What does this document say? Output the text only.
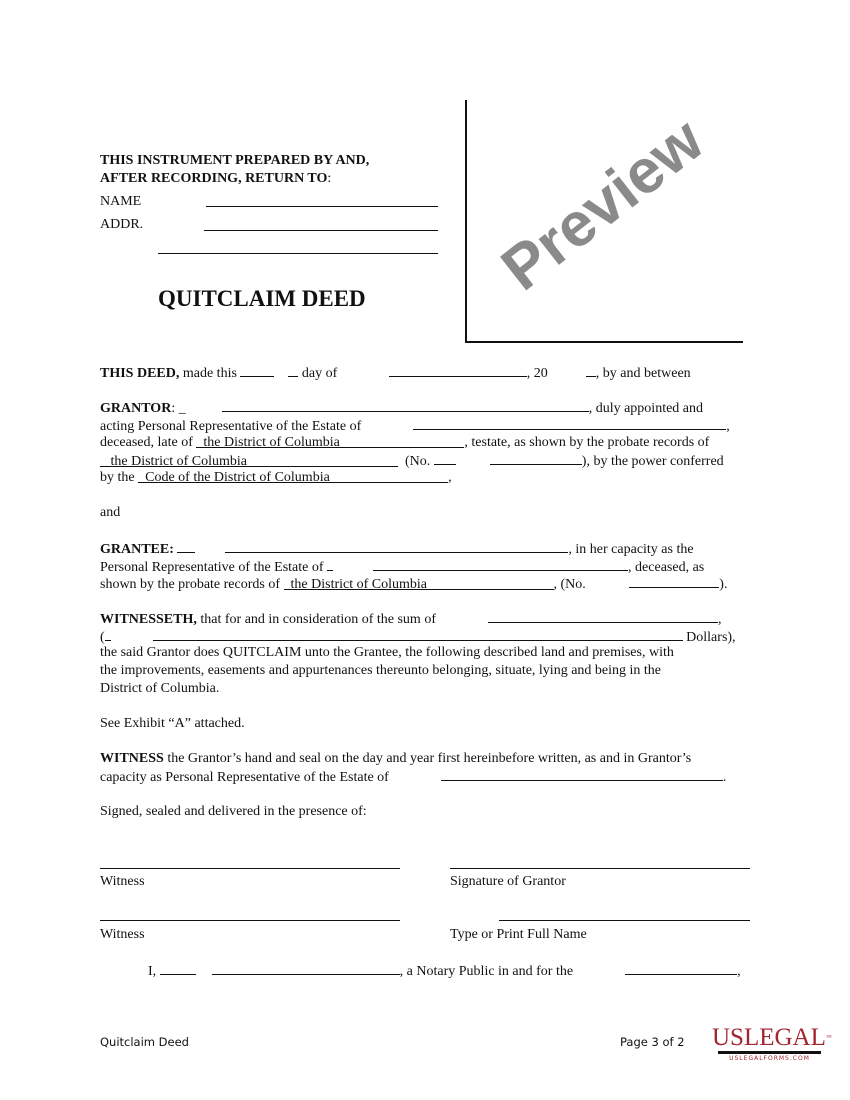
THIS INSTRUMENT PREPARED BY AND,
AFTER RECORDING, RETURN TO:
NAME
ADDR.
QUITCLAIM DEED
THIS DEED, made this	day of	, 20	, by and between
GRANTOR: _	, duly appointed and
acting Personal Representative of the Estate of	,
deceased, late of   the District of Columbia	, testate, as shown by the probate records of
the District of Columbia	(No.	), by the power conferred
by the   Code of the District of Columbia	,
and
GRANTEE:	, in her capacity as the
Personal Representative of the Estate of	, deceased, as
shown by the probate records of   the District of Columbia	, (No.	).
WITNESSETH, that for and in consideration of the sum of	,
(	Dollars),
the said Grantor does QUITCLAIM unto the Grantee, the following described land and premises, with
the improvements, easements and appurtenances thereunto belonging, situate, lying and being in the
District of Columbia.
See Exhibit “A” attached.
WITNESS the Grantor’s hand and seal on the day and year first hereinbefore written, as and in Grantor’s
capacity as Personal Representative of the Estate of	.
Signed, sealed and delivered in the presence of:
Witness	Signature of Grantor
Witness	Type or Print Full Name
I,	, a Notary Public in and for the	,
Quitclaim Deed	Page 3 of 2 USLEGAL™
USLEGALFORMS.COM
Preview
